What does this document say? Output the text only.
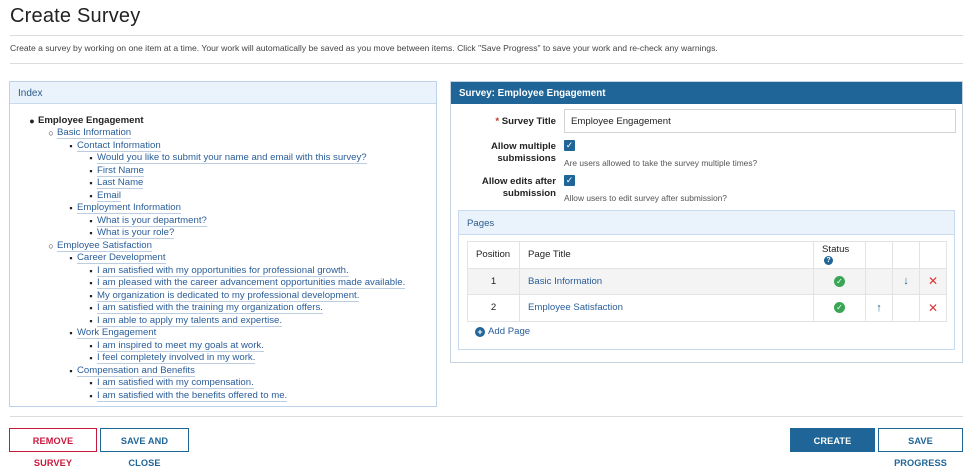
Create Survey
Create a survey by working on one item at a time. Your work will automatically be saved as you move between items. Click "Save Progress" to save your work and re-check any warnings.
Index
● Employee Engagement
○ Basic Information
▪ Contact Information
▪ Would you like to submit your name and email with this survey?
▪ First Name
▪ Last Name
▪ Email
▪ Employment Information
▪ What is your department?
▪ What is your role?
○ Employee Satisfaction
▪ Career Development
▪ I am satisfied with my opportunities for professional growth.
▪ I am pleased with the career advancement opportunities made available.
▪ My organization is dedicated to my professional development.
▪ I am satisfied with the training my organization offers.
▪ I am able to apply my talents and expertise.
▪ Work Engagement
▪ I am inspired to meet my goals at work.
▪ I feel completely involved in my work.
▪ Compensation and Benefits
▪ I am satisfied with my compensation.
▪ I am satisfied with the benefits offered to me.
Survey: Employee Engagement
* Survey Title
Employee Engagement
Allow multiple
submissions
✓
Are users allowed to take the survey multiple times?
Allow edits after
submission
✓
Allow users to edit survey after submission?
Pages
Position	Page Title	Status ?			
1	Basic Information	✓		↓	✕
2	Employee Satisfaction	✓	↑		✕
+ Add Page
REMOVE SURVEY
SAVE AND CLOSE
CREATE SURVEY
SAVE PROGRESS
